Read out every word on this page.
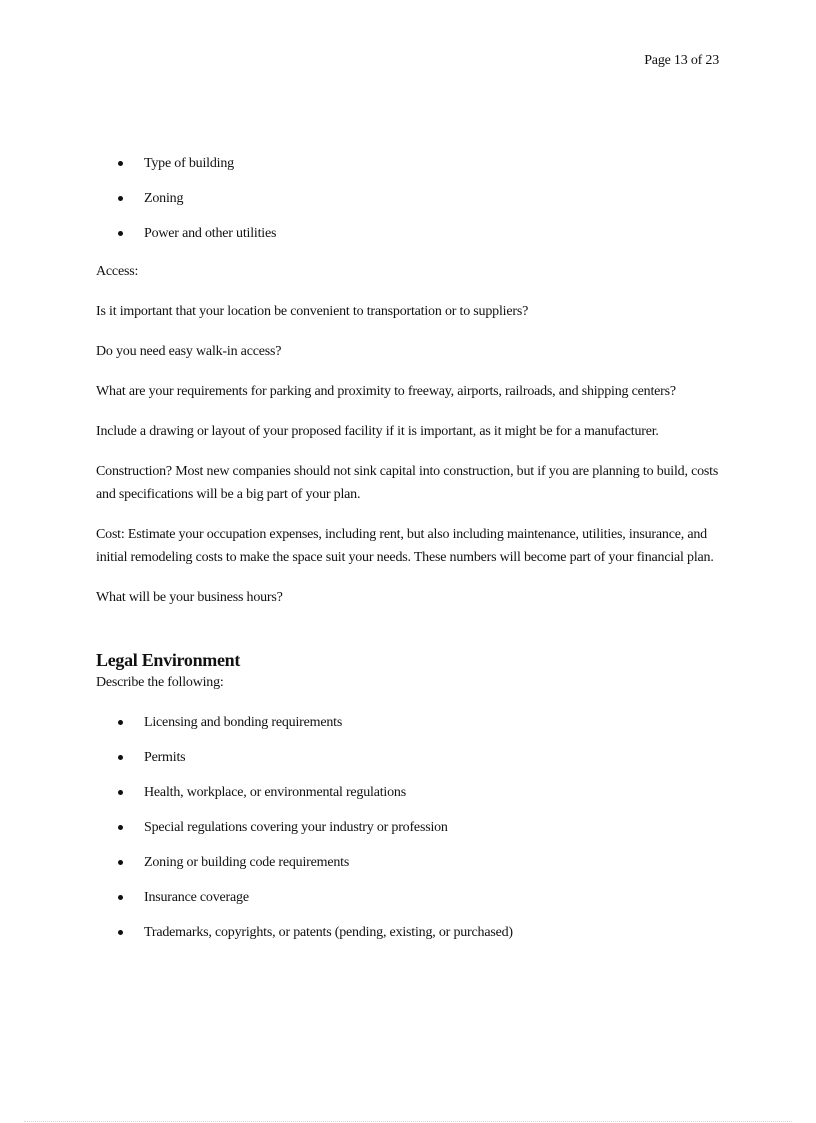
Page 13 of 23
Type of building
Zoning
Power and other utilities
Access:

Is it important that your location be convenient to transportation or to suppliers?

Do you need easy walk-in access?

What are your requirements for parking and proximity to freeway, airports, railroads, and shipping centers?

Include a drawing or layout of your proposed facility if it is important, as it might be for a manufacturer.

Construction? Most new companies should not sink capital into construction, but if you are planning to build, costs and specifications will be a big part of your plan.

Cost: Estimate your occupation expenses, including rent, but also including maintenance, utilities, insurance, and initial remodeling costs to make the space suit your needs. These numbers will become part of your financial plan.

What will be your business hours?

Legal Environment
Describe the following:
Licensing and bonding requirements
Permits
Health, workplace, or environmental regulations
Special regulations covering your industry or profession
Zoning or building code requirements
Insurance coverage
Trademarks, copyrights, or patents (pending, existing, or purchased)
